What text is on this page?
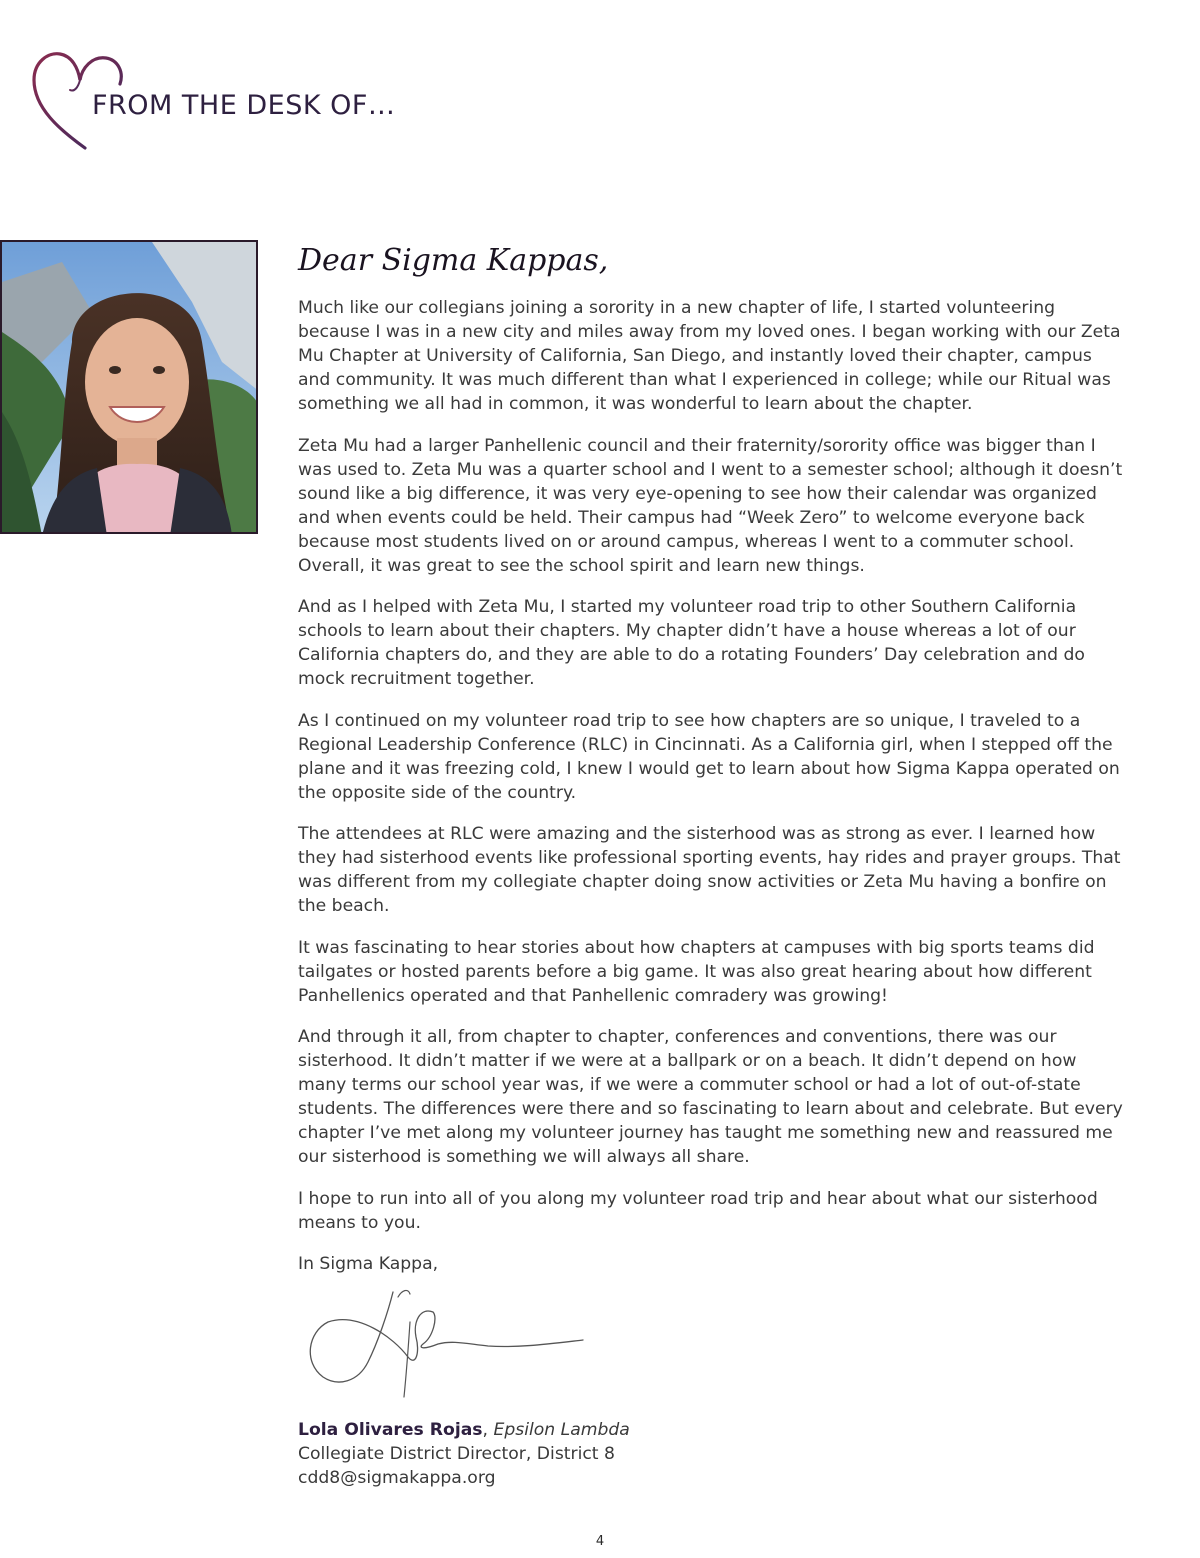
FROM THE DESK OF…
Dear Sigma Kappas,

Much like our collegians joining a sorority in a new chapter of life, I started volunteering because I was in a new city and miles away from my loved ones. I began working with our Zeta Mu Chapter at University of California, San Diego, and instantly loved their chapter, campus and community. It was much different than what I experienced in college; while our Ritual was something we all had in common, it was wonderful to learn about the chapter.

Zeta Mu had a larger Panhellenic council and their fraternity/sorority office was bigger than I was used to. Zeta Mu was a quarter school and I went to a semester school; although it doesn’t sound like a big difference, it was very eye-opening to see how their calendar was organized and when events could be held. Their campus had “Week Zero” to welcome everyone back because most students lived on or around campus, whereas I went to a commuter school. Overall, it was great to see the school spirit and learn new things.

And as I helped with Zeta Mu, I started my volunteer road trip to other Southern California schools to learn about their chapters. My chapter didn’t have a house whereas a lot of our California chapters do, and they are able to do a rotating Founders’ Day celebration and do mock recruitment together.

As I continued on my volunteer road trip to see how chapters are so unique, I traveled to a Regional Leadership Conference (RLC) in Cincinnati. As a California girl, when I stepped off the plane and it was freezing cold, I knew I would get to learn about how Sigma Kappa operated on the opposite side of the country.

The attendees at RLC were amazing and the sisterhood was as strong as ever. I learned how they had sisterhood events like professional sporting events, hay rides and prayer groups. That was different from my collegiate chapter doing snow activities or Zeta Mu having a bonfire on the beach.

It was fascinating to hear stories about how chapters at campuses with big sports teams did tailgates or hosted parents before a big game. It was also great hearing about how different Panhellenics operated and that Panhellenic comradery was growing!

And through it all, from chapter to chapter, conferences and conventions, there was our sisterhood. It didn’t matter if we were at a ballpark or on a beach. It didn’t depend on how many terms our school year was, if we were a commuter school or had a lot of out-of-state students. The differences were there and so fascinating to learn about and celebrate. But every chapter I’ve met along my volunteer journey has taught me something new and reassured me our sisterhood is something we will always all share.

I hope to run into all of you along my volunteer road trip and hear about what our sisterhood means to you.

In Sigma Kappa,

Lola Olivares Rojas, Epsilon Lambda
Collegiate District Director, District 8
cdd8@sigmakappa.org
4
